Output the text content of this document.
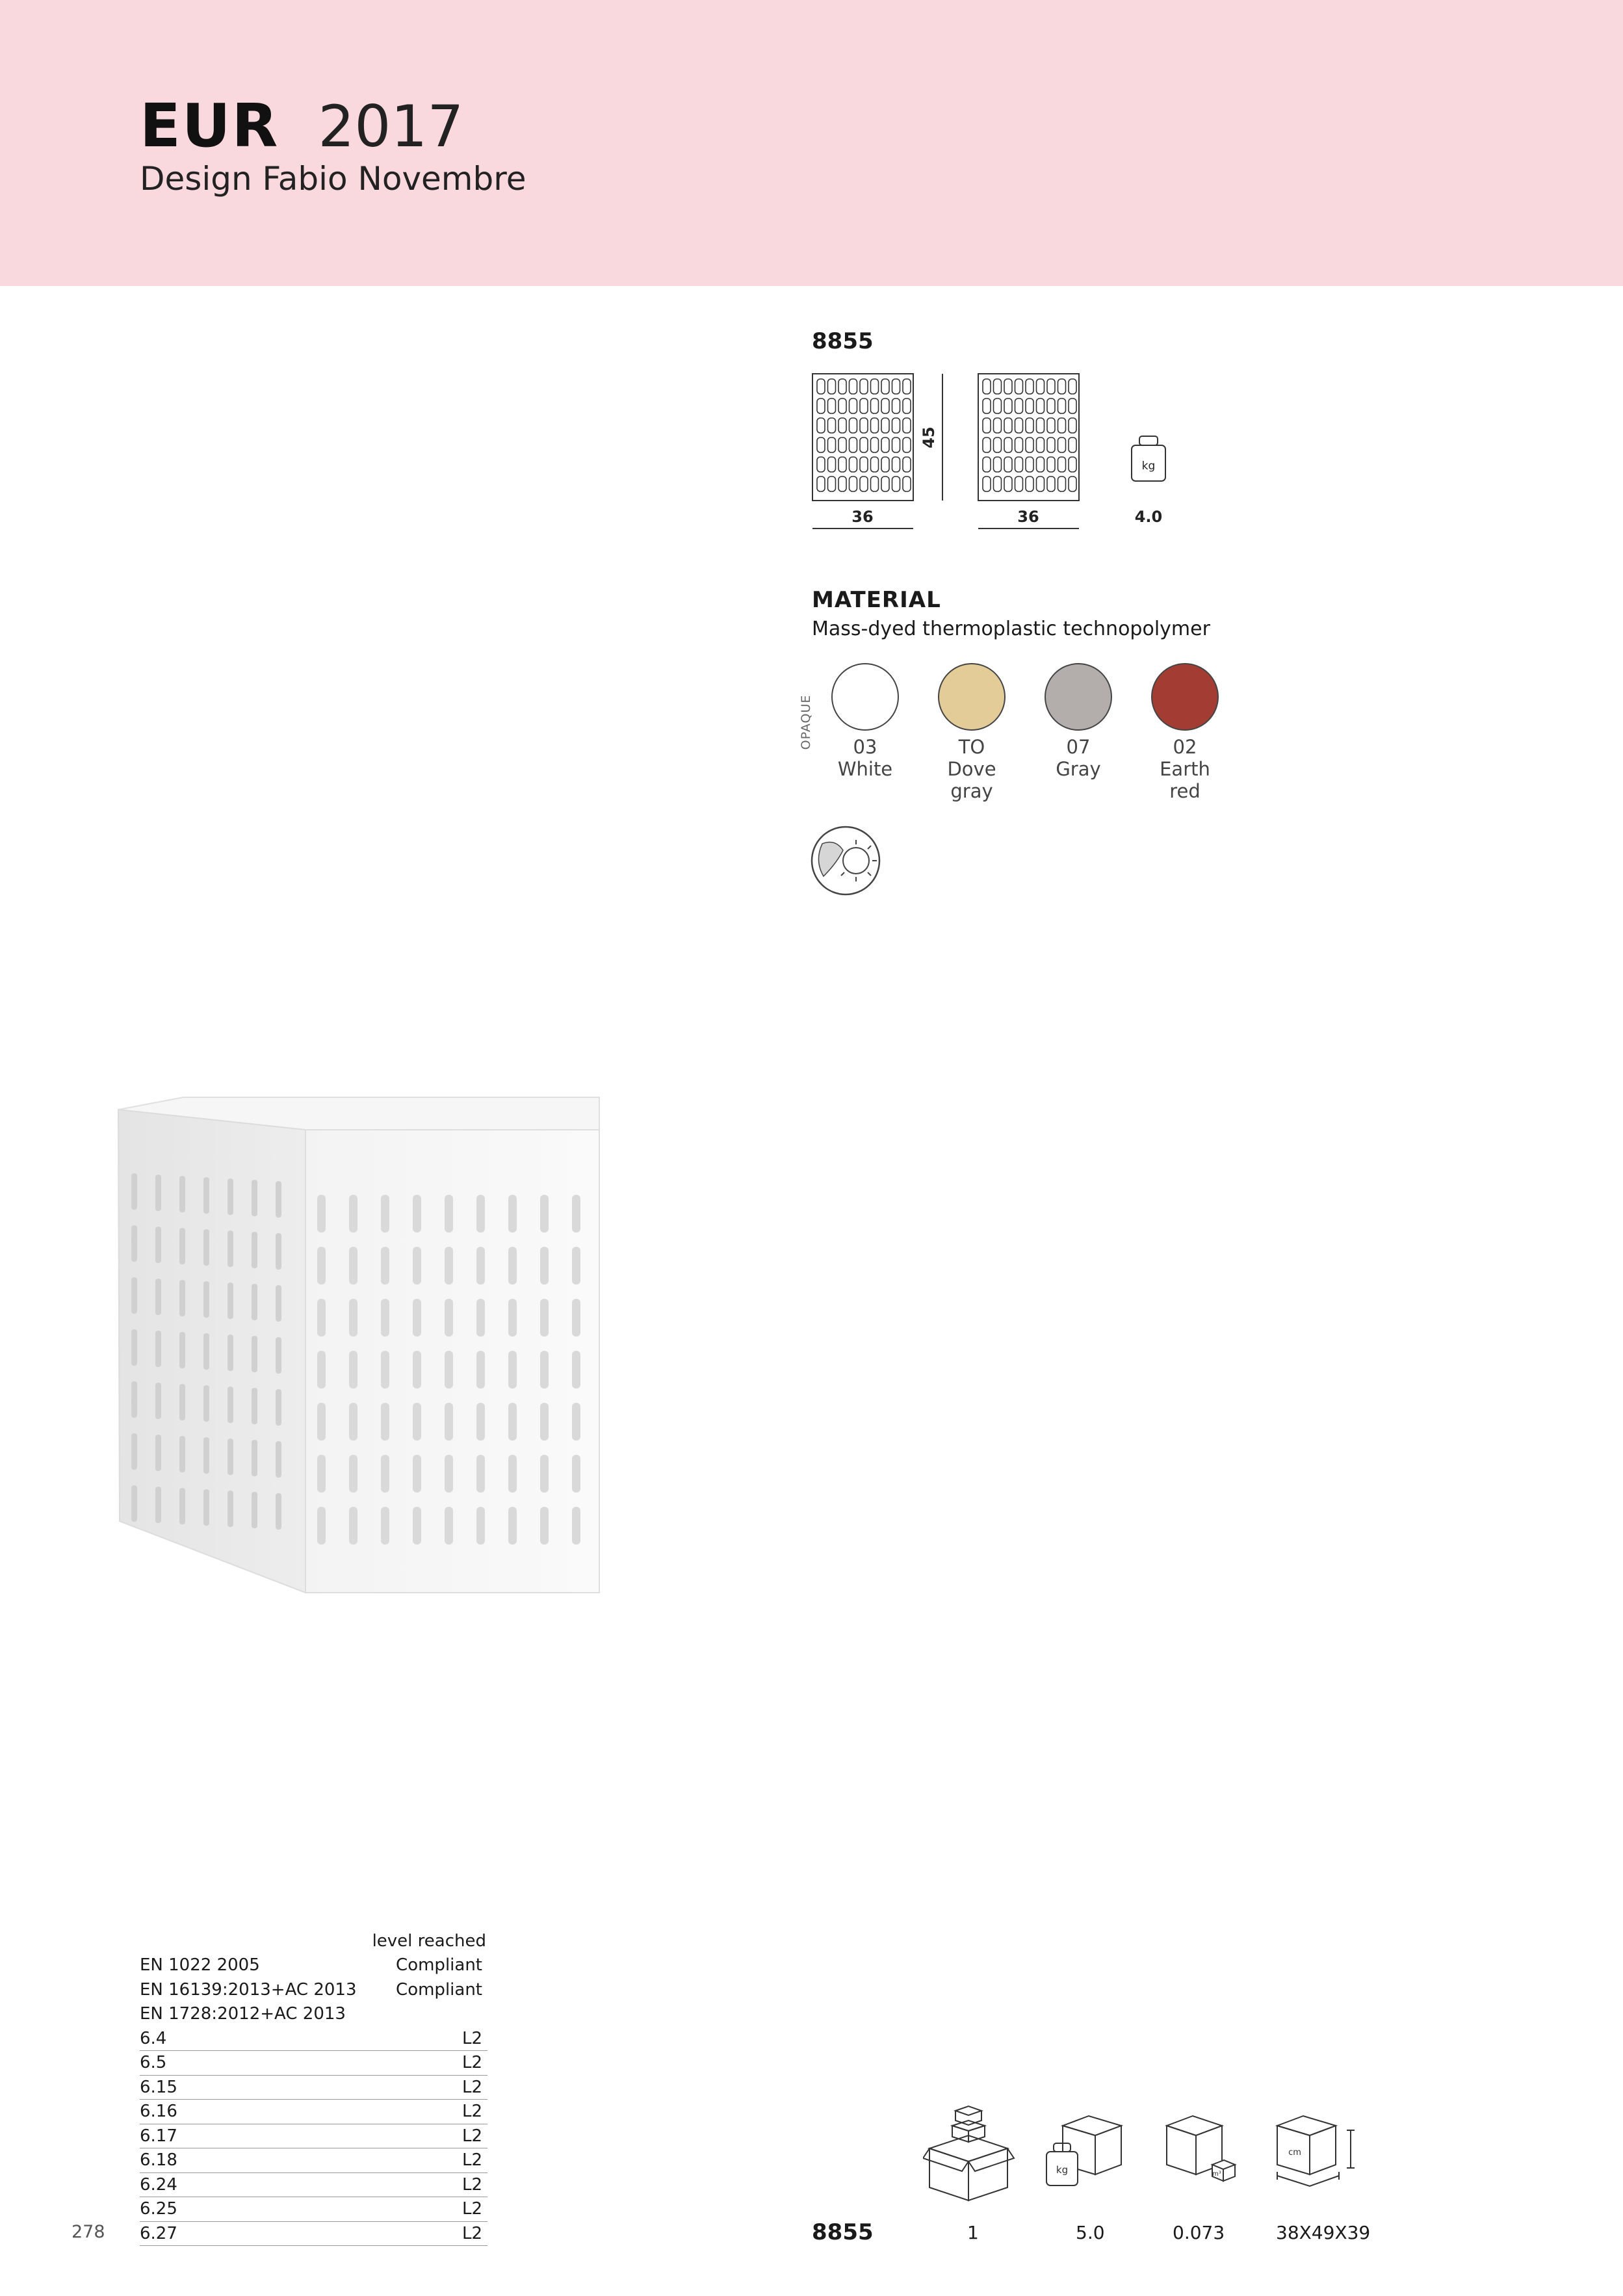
EUR 2017
Design Fabio Novembre
8855
45
36	36
kg
4.0
MATERIAL
Mass-dyed thermoplastic technopolymer
OPAQUE	03
White
TO
Dove gray
07
Gray
02
Earth red
level reached
EN 1022 2005	Compliant
EN 16139:2013+AC 2013 Compliant
EN 1728:2012+AC 2013
6.4	L2
6.5	L2
6.15	L2
6.16	L2
6.17	L2
6.18	L2
6.24	L2
6.25	L2
6.27	L2
278
kg	m³
cm
8855	1	5.0	0.073	38X49X39
